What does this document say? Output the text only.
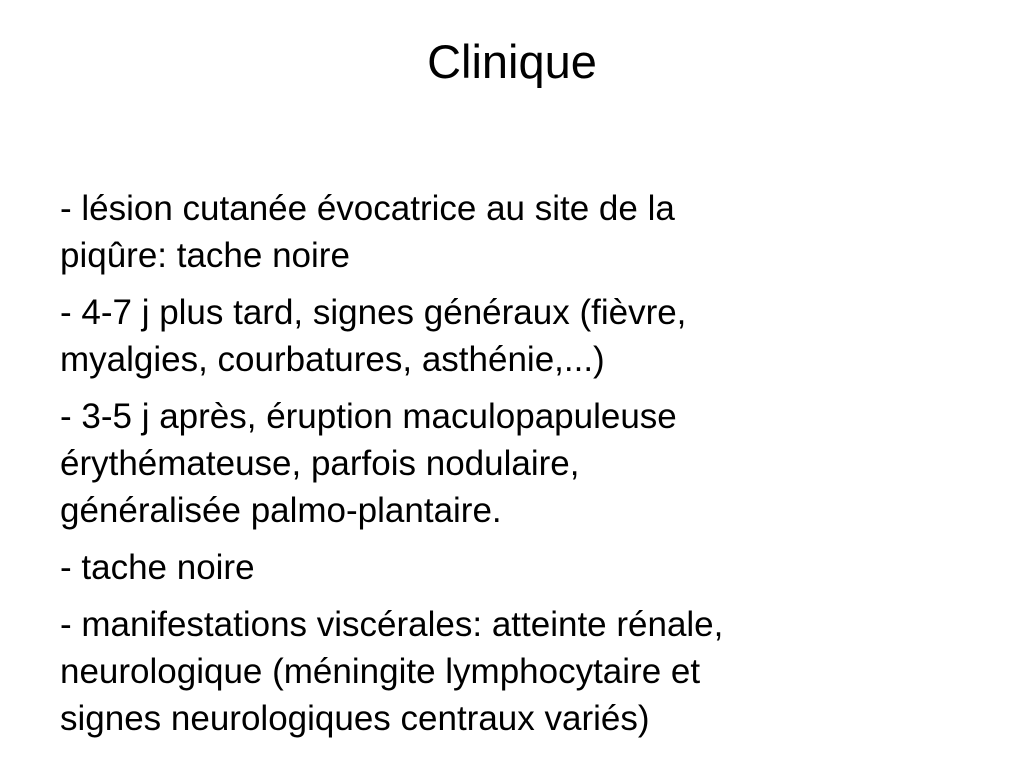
Clinique
- lésion cutanée évocatrice au site de la
piqûre: tache noire
- 4-7 j plus tard, signes généraux (fièvre,
myalgies, courbatures, asthénie,...)
- 3-5 j après, éruption maculopapuleuse
érythémateuse, parfois nodulaire,
généralisée palmo-plantaire.
- tache noire
- manifestations viscérales: atteinte rénale,
neurologique (méningite lymphocytaire et
signes neurologiques centraux variés)
